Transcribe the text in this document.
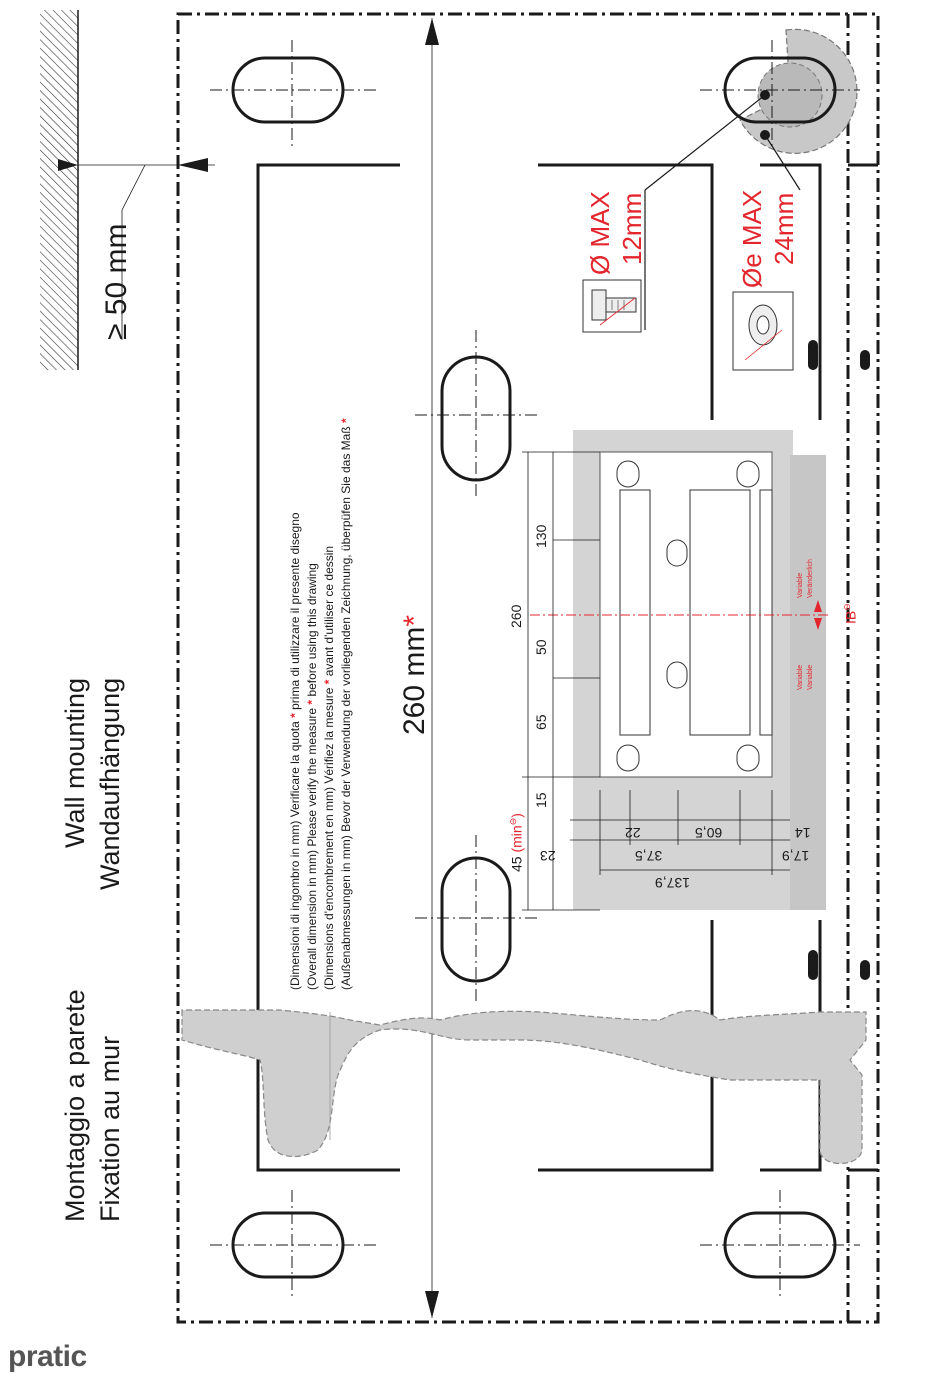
Montaggio a parete Fixation au mur
Wall mounting Wandaufhängung
≥ 50 mm
260 mm*
(Dimensioni di ingombro in mm) Verificare la quota * prima di utilizzare il presente disegno
(Overall dimension in mm) Please verify the measure * before using this drawing
(Dimensions d'encombrement en mm) Vérifiez la mesure * avant d'utiliser ce dessin (Außenabmessungen in mm) Bevor der Verwendung der vorliegenden Zeichnung, überpüfen Sie das Maß *
Ø MAX 12mm	Øe MAX 24mm
130
260
50
65
15
45 (min⊖)
22
23
60,5
37,5
137,9
14
17,9
Variable Veränderlich
Variable Variable
IB⊖
pratic
